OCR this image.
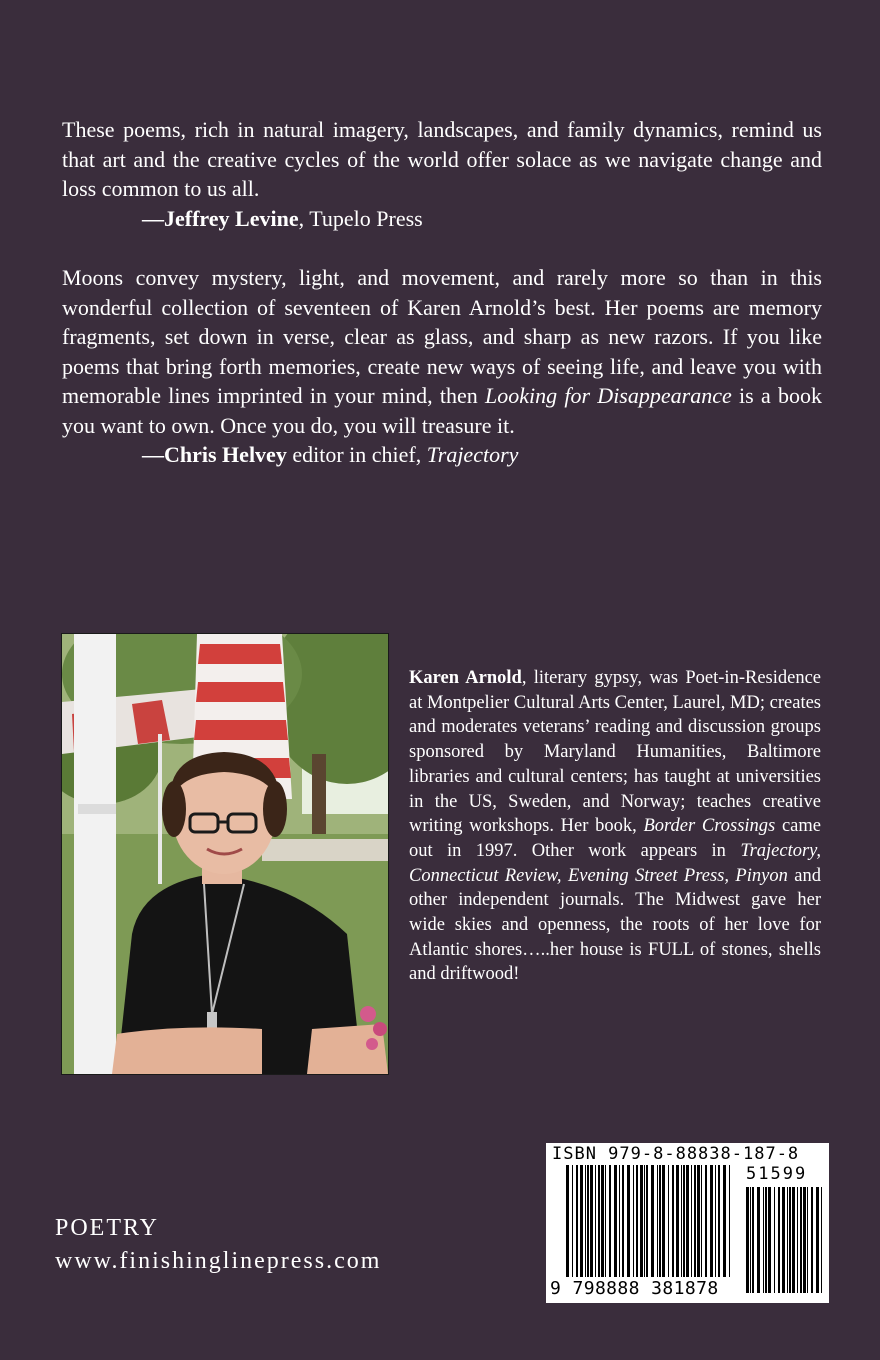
These poems, rich in natural imagery, landscapes, and family dynamics, remind us that art and the creative cycles of the world offer solace as we navigate change and loss common to us all.

—Jeffrey Levine, Tupelo Press

Moons convey mystery, light, and movement, and rarely more so than in this wonderful collection of seventeen of Karen Arnold’s best. Her poems are memory fragments, set down in verse, clear as glass, and sharp as new razors. If you like poems that bring forth memories, create new ways of seeing life, and leave you with memorable lines imprinted in your mind, then Looking for Disappearance is a book you want to own. Once you do, you will treasure it.

—Chris Helvey editor in chief, Trajectory

Karen Arnold, literary gypsy, was Poet-in-Residence at Montpelier Cultural Arts Center, Laurel, MD; creates and moderates veterans’ reading and discussion groups sponsored by Maryland Humanities, Baltimore libraries and cultural centers; has taught at universities in the US, Sweden, and Norway; teaches creative writing workshops. Her book, Border Crossings came out in 1997. Other work appears in Trajectory, Connecticut Review, Evening Street Press, Pinyon and other independent journals. The Midwest gave her wide skies and openness, the roots of her love for Atlantic shores…..her house is FULL of stones, shells and driftwood!

POETRY
www.finishinglinepress.com
ISBN 979-8-88838-187-8
51599
9 798888 381878
